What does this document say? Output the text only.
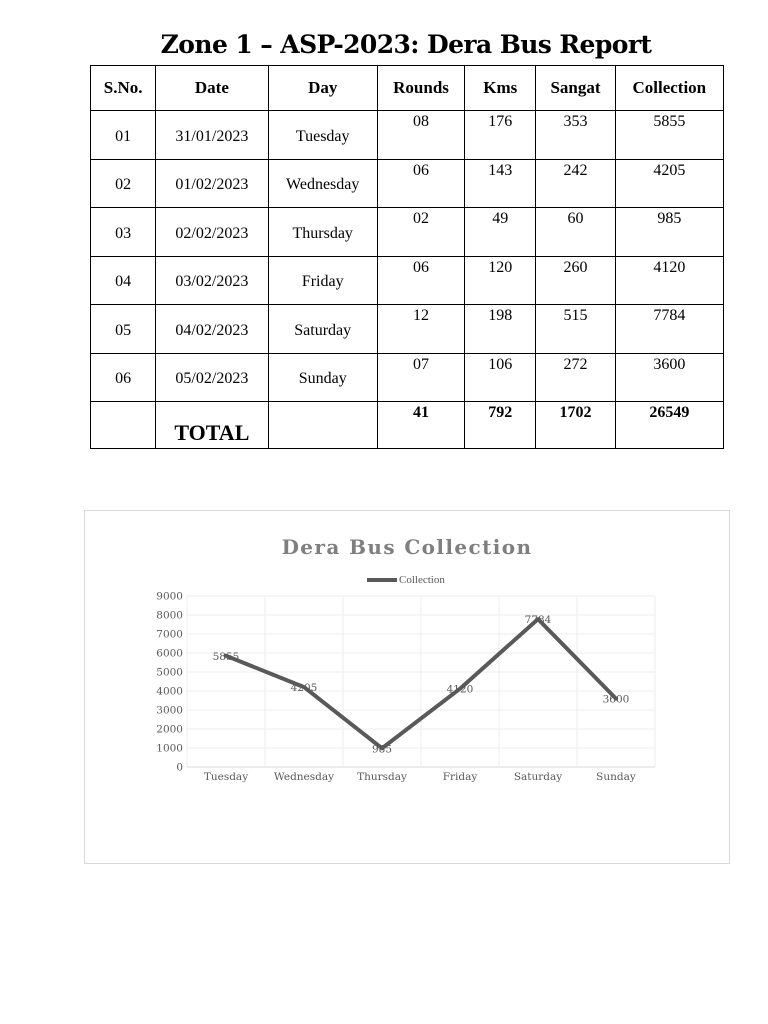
Zone 1 – ASP-2023: Dera Bus Report
S.No.	Date	Day	Rounds	Kms	Sangat	Collection
01	31/01/2023	Tuesday	08	176	353	5855
02	01/02/2023	Wednesday	06	143	242	4205
03	02/02/2023	Thursday	02	49	60	985
04	03/02/2023	Friday	06	120	260	4120
05	04/02/2023	Saturday	12	198	515	7784
06	05/02/2023	Sunday	07	106	272	3600
	TOTAL		41	792	1702	26549
Dera Bus Collection
Collection
0
1000
2000
3000
4000
5000
6000
7000
8000
9000
Tuesday Wednesday Thursday	Friday	Saturday	Sunday
5855
4205
985
4120
7784
3600
